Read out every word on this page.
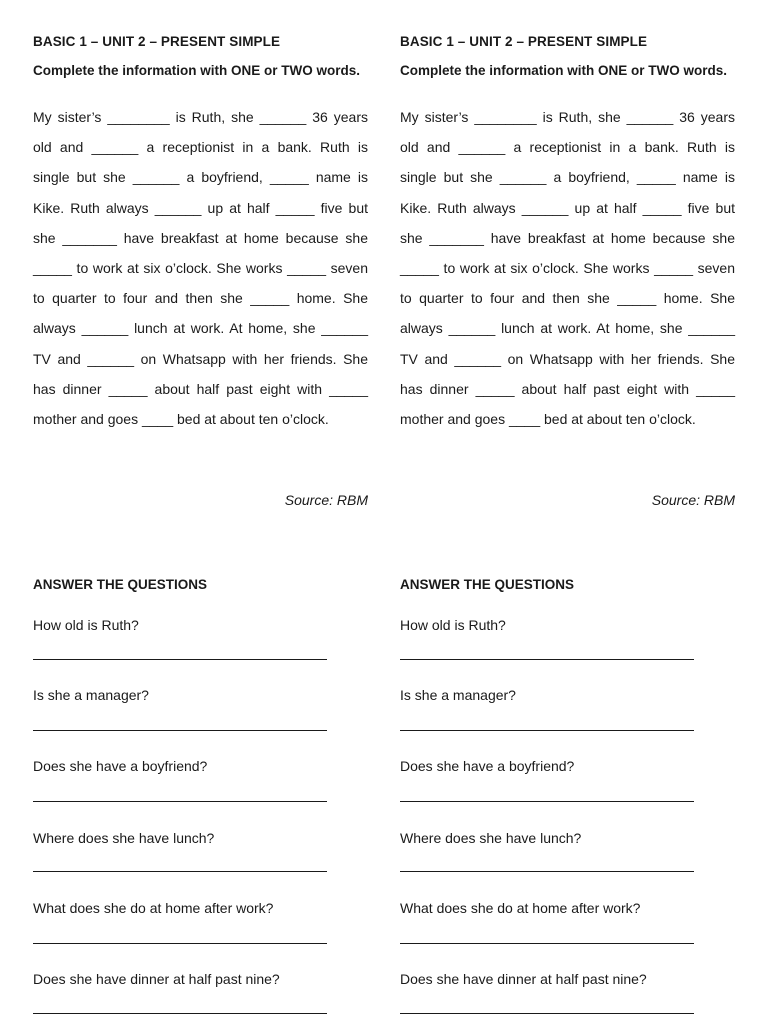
BASIC 1 – UNIT 2 – PRESENT SIMPLE
Complete the information with ONE or TWO words.

My sister’s ________ is Ruth, she ______ 36 years old and ______ a receptionist in a bank. Ruth is single but she ______ a boyfriend, _____ name is Kike. Ruth always ______ up at half _____ five but she _______ have breakfast at home because she _____ to work at six o’clock. She works _____ seven to quarter to four and then she _____ home. She always ______ lunch at work. At home, she ______ TV and ______ on Whatsapp with her friends. She has dinner _____ about half past eight with _____ mother and goes ____ bed at about ten o’clock.

Source: RBM
ANSWER THE QUESTIONS
How old is Ruth?
Is she a manager?
Does she have a boyfriend?
Where does she have lunch?
What does she do at home after work?
Does she have dinner at half past nine?
BASIC 1 – UNIT 2 – PRESENT SIMPLE
Complete the information with ONE or TWO words.

My sister’s ________ is Ruth, she ______ 36 years old and ______ a receptionist in a bank. Ruth is single but she ______ a boyfriend, _____ name is Kike. Ruth always ______ up at half _____ five but she _______ have breakfast at home because she _____ to work at six o’clock. She works _____ seven to quarter to four and then she _____ home. She always ______ lunch at work. At home, she ______ TV and ______ on Whatsapp with her friends. She has dinner _____ about half past eight with _____ mother and goes ____ bed at about ten o’clock.

Source: RBM
ANSWER THE QUESTIONS
How old is Ruth?
Is she a manager?
Does she have a boyfriend?
Where does she have lunch?
What does she do at home after work?
Does she have dinner at half past nine?
